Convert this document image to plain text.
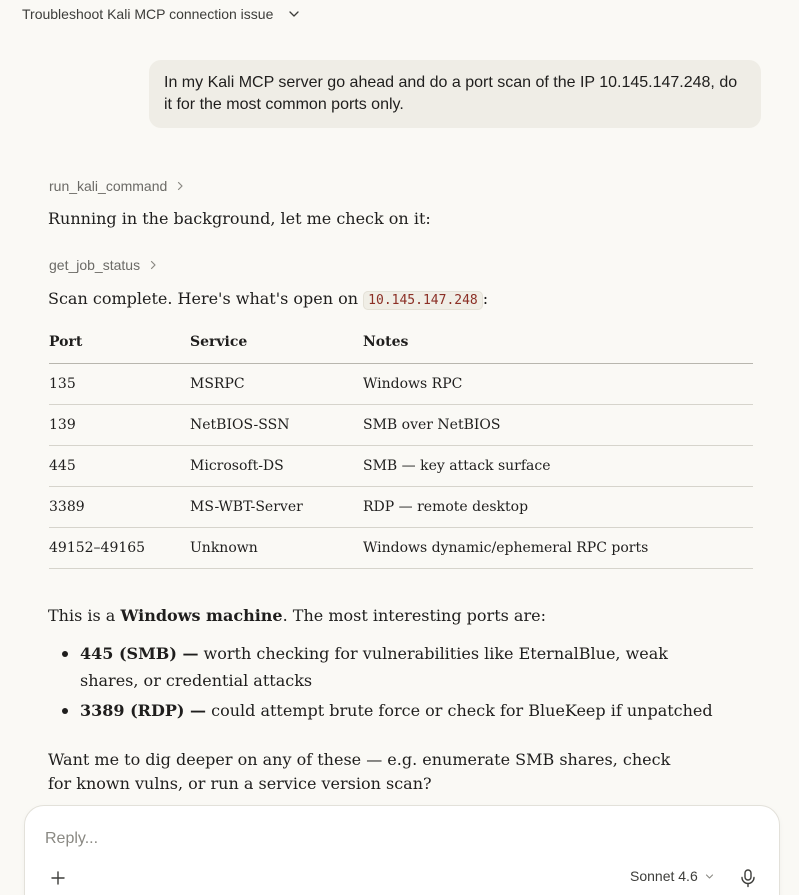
Troubleshoot Kali MCP connection issue
In my Kali MCP server go ahead and do a port scan of the IP 10.145.147.248, do it for the most common ports only.
run_kali_command
Running in the background, let me check on it:
get_job_status
Scan complete. Here's what's open on 10.145.147.248 :
Port	Service	Notes
135	MSRPC	Windows RPC
139	NetBIOS-SSN	SMB over NetBIOS
445	Microsoft-DS	SMB — key attack surface
3389	MS-WBT-Server	RDP — remote desktop
49152–49165	Unknown	Windows dynamic/ephemeral RPC ports
This is a Windows machine. The most interesting ports are:
445 (SMB) — worth checking for vulnerabilities like EternalBlue, weak shares, or credential attacks
3389 (RDP) — could attempt brute force or check for BlueKeep if unpatched
Want me to dig deeper on any of these — e.g. enumerate SMB shares, check for known vulns, or run a service version scan?
Reply...
Sonnet 4.6
